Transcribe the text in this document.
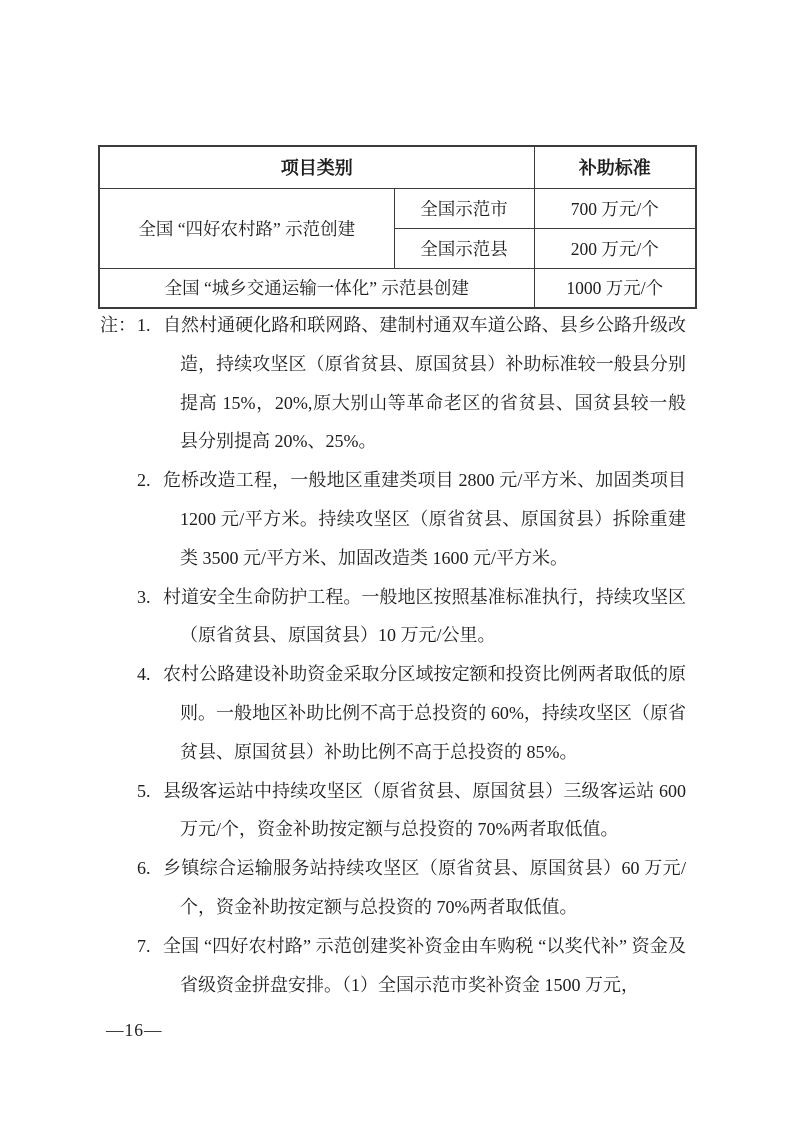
项目类别		补助标准
全国 “四好农村路” 示范创建	全国示范市	700 万元/个
	全国示范县	200 万元/个
全国 “城乡交通运输一体化” 示范县创建		1000 万元/个
注： 1. 自然村通硬化路和联网路、建制村通双车道公路、县乡公路升级改造，持续攻坚区（原省贫县、原国贫县）补助标准较一般县分别提高 15%，20%,原大别山等革命老区的省贫县、国贫县较一般县分别提高 20%、25%。
2. 危桥改造工程，一般地区重建类项目 2800 元/平方米、加固类项目 1200 元/平方米。持续攻坚区（原省贫县、原国贫县）拆除重建类 3500 元/平方米、加固改造类 1600 元/平方米。
3. 村道安全生命防护工程。一般地区按照基准标准执行，持续攻坚区（原省贫县、原国贫县）10 万元/公里。
4. 农村公路建设补助资金采取分区域按定额和投资比例两者取低的原则。一般地区补助比例不高于总投资的 60%，持续攻坚区（原省贫县、原国贫县）补助比例不高于总投资的 85%。
5. 县级客运站中持续攻坚区（原省贫县、原国贫县）三级客运站 600 万元/个，资金补助按定额与总投资的 70%两者取低值。
6. 乡镇综合运输服务站持续攻坚区（原省贫县、原国贫县）60 万元/个，资金补助按定额与总投资的 70%两者取低值。
7. 全国 “四好农村路” 示范创建奖补资金由车购税 “以奖代补” 资金及省级资金拼盘安排。（1）全国示范市奖补资金 1500 万元，
—16—
